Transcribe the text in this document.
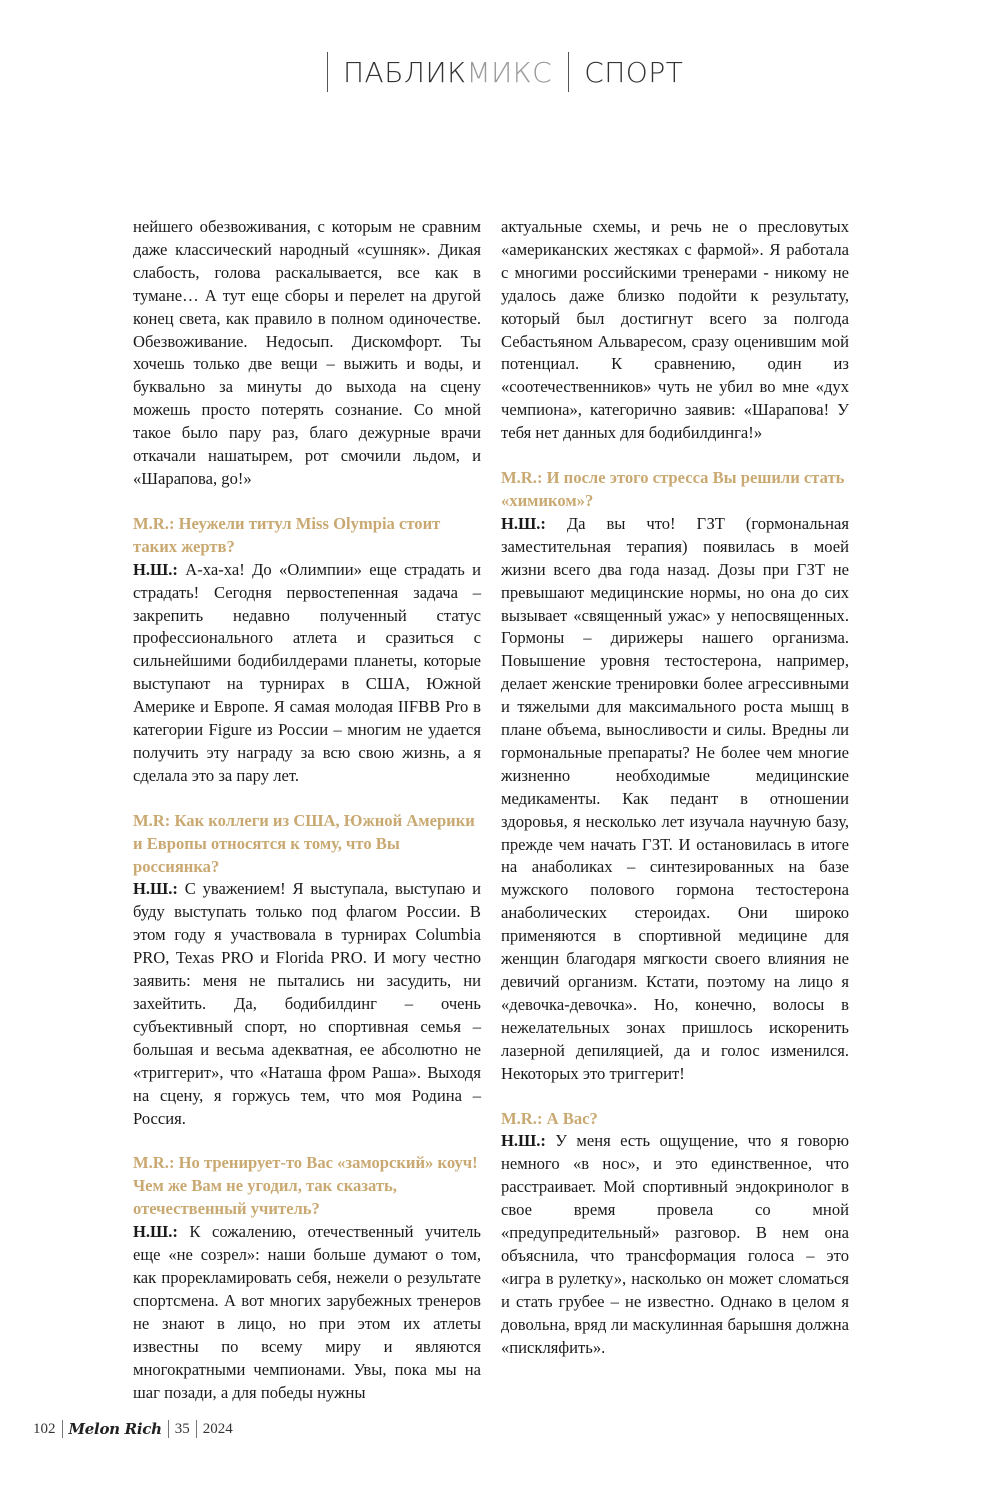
ПАБЛИК МИКС СПОРТ

нейшего обезвоживания, с которым не сравним даже классический народный «сушняк». Дикая слабость, голова раскалывается, все как в тумане… А тут еще сборы и перелет на другой конец света, как правило в полном одиночестве. Обезвоживание. Недосып. Дискомфорт. Ты хочешь только две вещи – выжить и воды, и буквально за минуты до выхода на сцену можешь просто потерять сознание. Со мной такое было пару раз, благо дежурные врачи откачали нашатырем, рот смочили льдом, и «Шарапова, go!»

M.R.: Неужели титул Miss Olympia стоит таких жертв?

Н.Ш.: А-ха-ха! До «Олимпии» еще страдать и страдать! Сегодня первостепенная задача – закрепить недавно полученный статус профессионального атлета и сразиться с сильнейшими бодибилдерами планеты, которые выступают на турнирах в США, Южной Америке и Европе. Я самая молодая IIFBB Pro в категории Figure из России – многим не удается получить эту награду за всю свою жизнь, а я сделала это за пару лет.

M.R: Как коллеги из США, Южной Америки и Европы относятся к тому, что Вы россиянка?

Н.Ш.: С уважением! Я выступала, выступаю и буду выступать только под флагом России. В этом году я участвовала в турнирах Columbia PRO, Texas PRO и Florida PRO. И могу честно заявить: меня не пытались ни засудить, ни захейтить. Да, бодибилдинг – очень субъективный спорт, но спортивная семья – большая и весьма адекватная, ее абсолютно не «триггерит», что «Наташа фром Раша». Выходя на сцену, я горжусь тем, что моя Родина – Россия.

M.R.: Но тренирует-то Вас «заморский» коуч! Чем же Вам не угодил, так сказать, отечественный учитель?

Н.Ш.: К сожалению, отечественный учитель еще «не созрел»: наши больше думают о том, как прорекламировать себя, нежели о результате спортсмена. А вот многих зарубежных тренеров не знают в лицо, но при этом их атлеты известны по всему миру и являются многократными чемпионами. Увы, пока мы на шаг позади, а для победы нужны

актуальные схемы, и речь не о пресловутых «американских жестяках с фармой». Я работала с многими российскими тренерами - никому не удалось даже близко подойти к результату, который был достигнут всего за полгода Себастьяном Альваресом, сразу оценившим мой потенциал. К сравнению, один из «соотечественников» чуть не убил во мне «дух чемпиона», категорично заявив: «Шарапова! У тебя нет данных для бодибилдинга!»

M.R.: И после этого стресса Вы решили стать «химиком»?

Н.Ш.: Да вы что! ГЗТ (гормональная заместительная терапия) появилась в моей жизни всего два года назад. Дозы при ГЗТ не превышают медицинские нормы, но она до сих вызывает «священный ужас» у непосвященных. Гормоны – дирижеры нашего организма. Повышение уровня тестостерона, например, делает женские тренировки более агрессивными и тяжелыми для максимального роста мышц в плане объема, выносливости и силы. Вредны ли гормональные препараты? Не более чем многие жизненно необходимые медицинские медикаменты. Как педант в отношении здоровья, я несколько лет изучала научную базу, прежде чем начать ГЗТ. И остановилась в итоге на анаболиках – синтезированных на базе мужского полового гормона тестостерона анаболических стероидах. Они широко применяются в спортивной медицине для женщин благодаря мягкости своего влияния не девичий организм. Кстати, поэтому на лицо я «девочка-девочка». Но, конечно, волосы в нежелательных зонах пришлось искоренить лазерной депиляцией, да и голос изменился. Некоторых это триггерит!

M.R.: А Вас?

Н.Ш.: У меня есть ощущение, что я говорю немного «в нос», и это единственное, что расстраивает. Мой спортивный эндокринолог в свое время провела со мной «предупредительный» разговор. В нем она объяснила, что трансформация голоса – это «игра в рулетку», насколько он может сломаться и стать грубее – не известно. Однако в целом я довольна, вряд ли маскулинная барышня должна «пискляфить».

102 Melon Rich 35 2024
